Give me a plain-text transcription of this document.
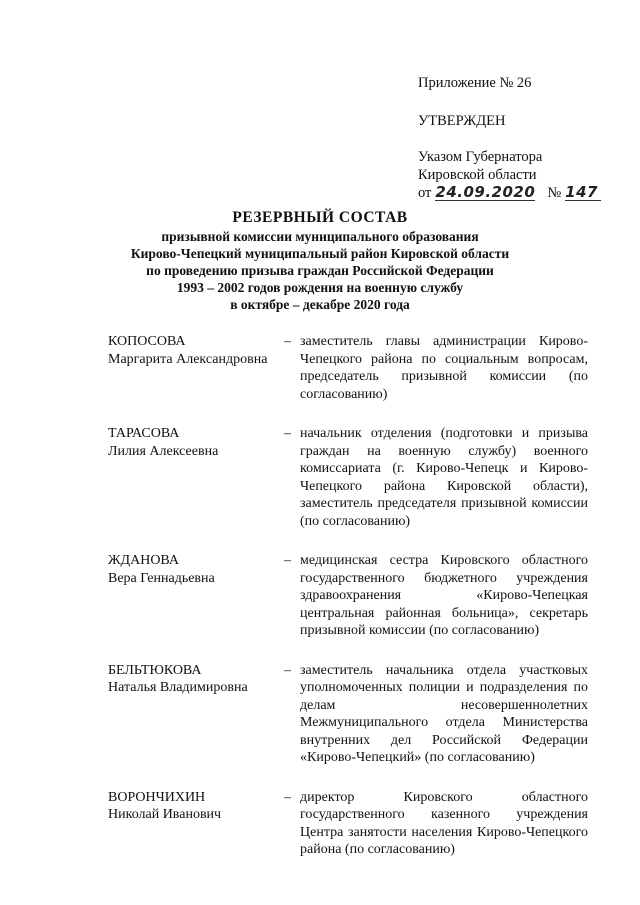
Приложение № 26
УТВЕРЖДЕН
Указом Губернатора
Кировской области
от 24.09.2020 № 147
РЕЗЕРВНЫЙ СОСТАВ
призывной комиссии муниципального образования
Кирово-Чепецкий муниципальный район Кировской области
по проведению призыва граждан Российской Федерации
1993 – 2002 годов рождения на военную службу
в октябре – декабре 2020 года
КОПОСОВА
Маргарита Александровна
– заместитель главы администрации Кирово-Чепецкого района по социальным вопросам, председатель призывной комиссии (по согласованию)
ТАРАСОВА
Лилия Алексеевна
– начальник отделения (подготовки и призыва граждан на военную службу) военного комиссариата (г. Кирово-Чепецк и Кирово-Чепецкого района Кировской области), заместитель председателя призывной комиссии (по согласованию)
ЖДАНОВА
Вера Геннадьевна
– медицинская сестра Кировского областного государственного бюджетного учреждения здравоохранения «Кирово-Чепецкая центральная районная больница», секретарь призывной комиссии (по согласованию)
БЕЛЬТЮКОВА
Наталья Владимировна
– заместитель начальника отдела участковых уполномоченных полиции и подразделения по делам несовершеннолетних Межмуниципального отдела Министерства внутренних дел Российской Федерации «Кирово-Чепецкий» (по согласованию)
ВОРОНЧИХИН
Николай Иванович
– директор Кировского областного государственного казенного учреждения Центра занятости населения Кирово-Чепецкого района (по согласованию)
